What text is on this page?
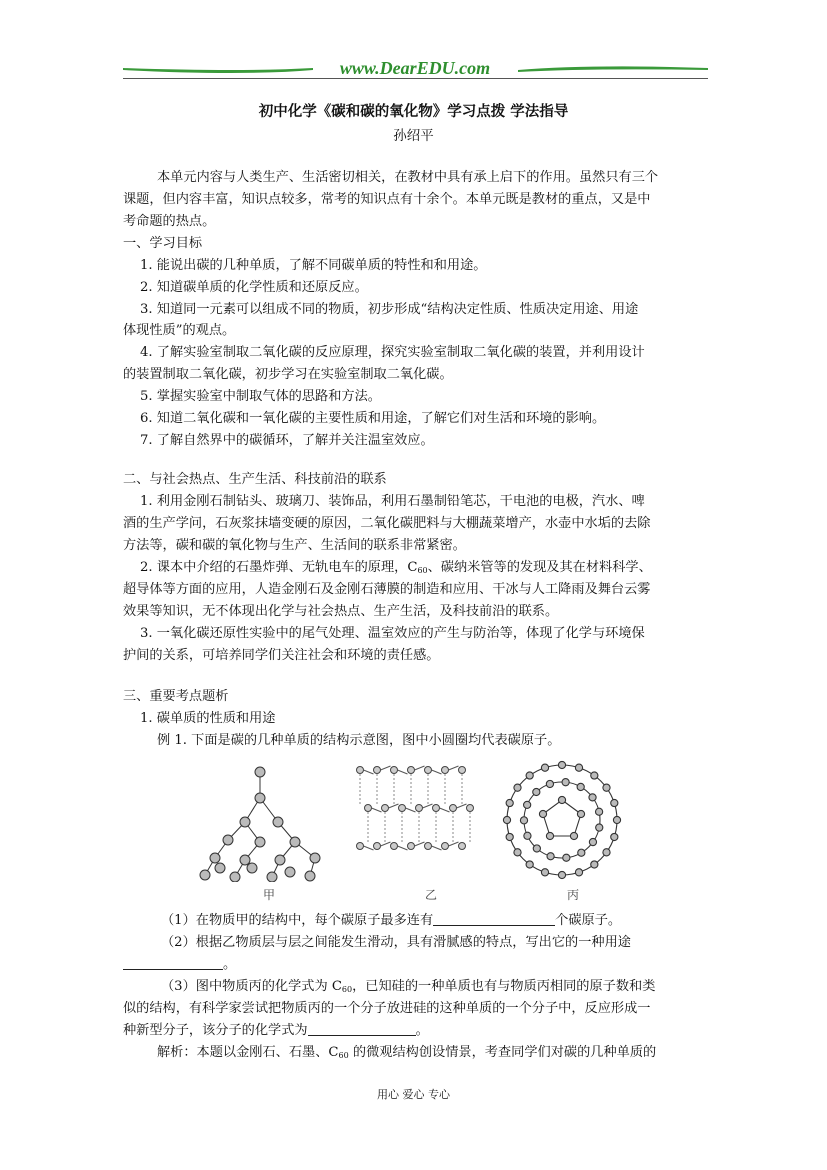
www.DearEDU.com
初中化学《碳和碳的氧化物》学习点拨 学法指导
孙绍平
本单元内容与人类生产、生活密切相关，在教材中具有承上启下的作用。虽然只有三个
课题，但内容丰富，知识点较多，常考的知识点有十余个。本单元既是教材的重点，又是中
考命题的热点。
一、学习目标
1. 能说出碳的几种单质，了解不同碳单质的特性和和用途。
2. 知道碳单质的化学性质和还原反应。
3. 知道同一元素可以组成不同的物质，初步形成“结构决定性质、性质决定用途、用途
体现性质”的观点。
4. 了解实验室制取二氧化碳的反应原理，探究实验室制取二氧化碳的装置，并利用设计
的装置制取二氧化碳，初步学习在实验室制取二氧化碳。
5. 掌握实验室中制取气体的思路和方法。
6. 知道二氧化碳和一氧化碳的主要性质和用途，了解它们对生活和环境的影响。
7. 了解自然界中的碳循环，了解并关注温室效应。
二、与社会热点、生产生活、科技前沿的联系
1. 利用金刚石制钻头、玻璃刀、装饰品，利用石墨制铅笔芯，干电池的电极，汽水、啤
酒的生产学问，石灰浆抹墙变硬的原因，二氧化碳肥料与大棚蔬菜增产，水壶中水垢的去除
方法等，碳和碳的氧化物与生产、生活间的联系非常紧密。
2. 课本中介绍的石墨炸弹、无轨电车的原理，$C_{60}$、碳纳米管等的发现及其在材料科学、
超导体等方面的应用，人造金刚石及金刚石薄膜的制造和应用、干冰与人工降雨及舞台云雾
效果等知识，无不体现出化学与社会热点、生产生活，及科技前沿的联系。
3. 一氧化碳还原性实验中的尾气处理、温室效应的产生与防治等，体现了化学与环境保
护间的关系，可培养同学们关注社会和环境的责任感。
三、重要考点题析
1. 碳单质的性质和用途
例 1. 下面是碳的几种单质的结构示意图，图中小圆圈均代表碳原子。
甲	乙	丙
（1）在物质甲的结构中，每个碳原子最多连有	个碳原子。
（2）根据乙物质层与层之间能发生滑动，具有滑腻感的特点，写出它的一种用途
。
（3）图中物质丙的化学式为 $C_{60}$，已知硅的一种单质也有与物质丙相同的原子数和类
似的结构，有科学家尝试把物质丙的一个分子放进硅的这种单质的一个分子中，反应形成一
种新型分子，该分子的化学式为	。
解析：本题以金刚石、石墨、$C_{60}$ 的微观结构创设情景，考查同学们对碳的几种单质的
用心 爱心 专心
